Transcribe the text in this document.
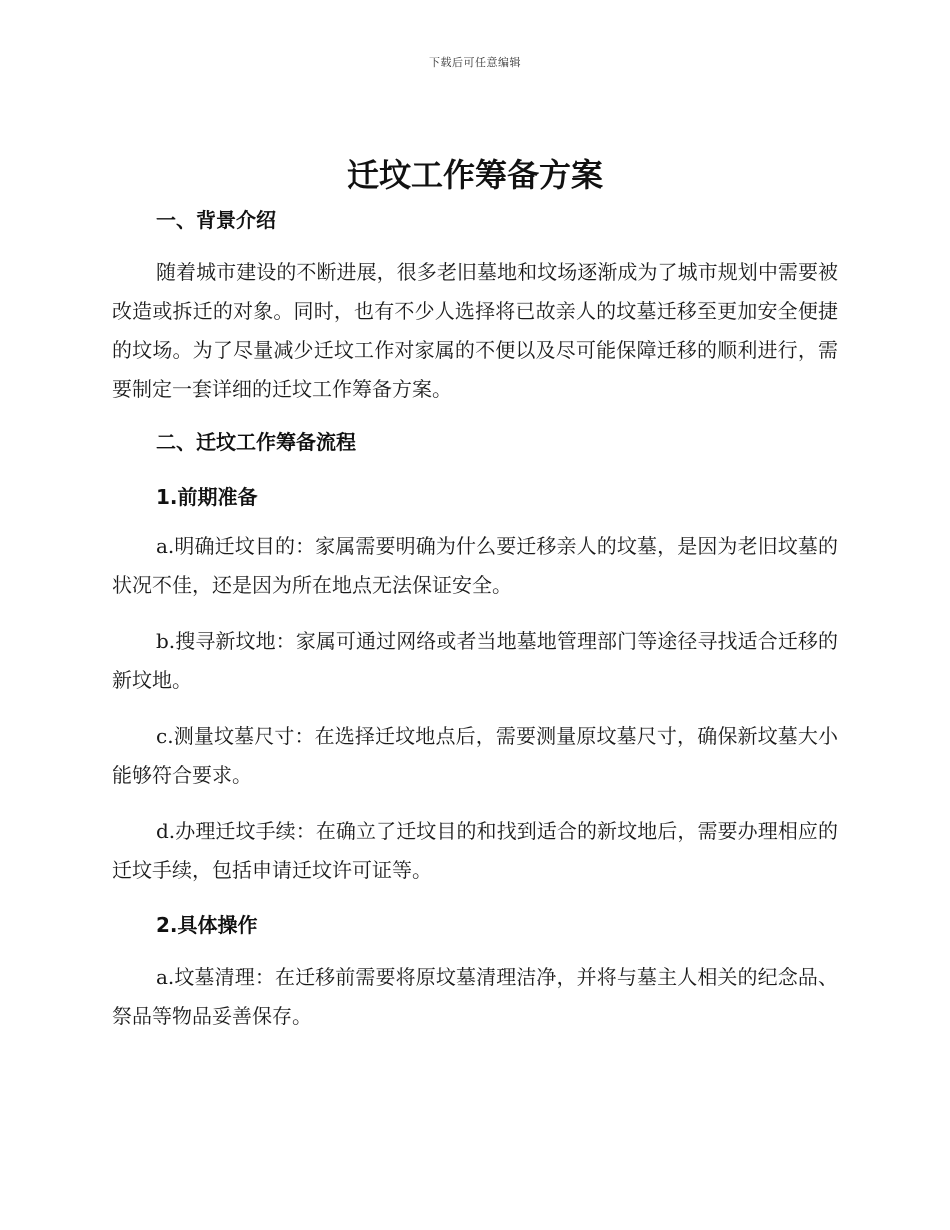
下载后可任意编辑
迁坟工作筹备方案
一、背景介绍

随着城市建设的不断进展，很多老旧墓地和坟场逐渐成为了城市规划中需要被改造或拆迁的对象。同时，也有不少人选择将已故亲人的坟墓迁移至更加安全便捷的坟场。为了尽量减少迁坟工作对家属的不便以及尽可能保障迁移的顺利进行，需要制定一套详细的迁坟工作筹备方案。

二、迁坟工作筹备流程
1.前期准备

a.明确迁坟目的：家属需要明确为什么要迁移亲人的坟墓，是因为老旧坟墓的状况不佳，还是因为所在地点无法保证安全。

b.搜寻新坟地：家属可通过网络或者当地墓地管理部门等途径寻找适合迁移的新坟地。

c.测量坟墓尺寸：在选择迁坟地点后，需要测量原坟墓尺寸，确保新坟墓大小能够符合要求。

d.办理迁坟手续：在确立了迁坟目的和找到适合的新坟地后，需要办理相应的迁坟手续，包括申请迁坟许可证等。

2.具体操作

a.坟墓清理：在迁移前需要将原坟墓清理洁净，并将与墓主人相关的纪念品、祭品等物品妥善保存。
